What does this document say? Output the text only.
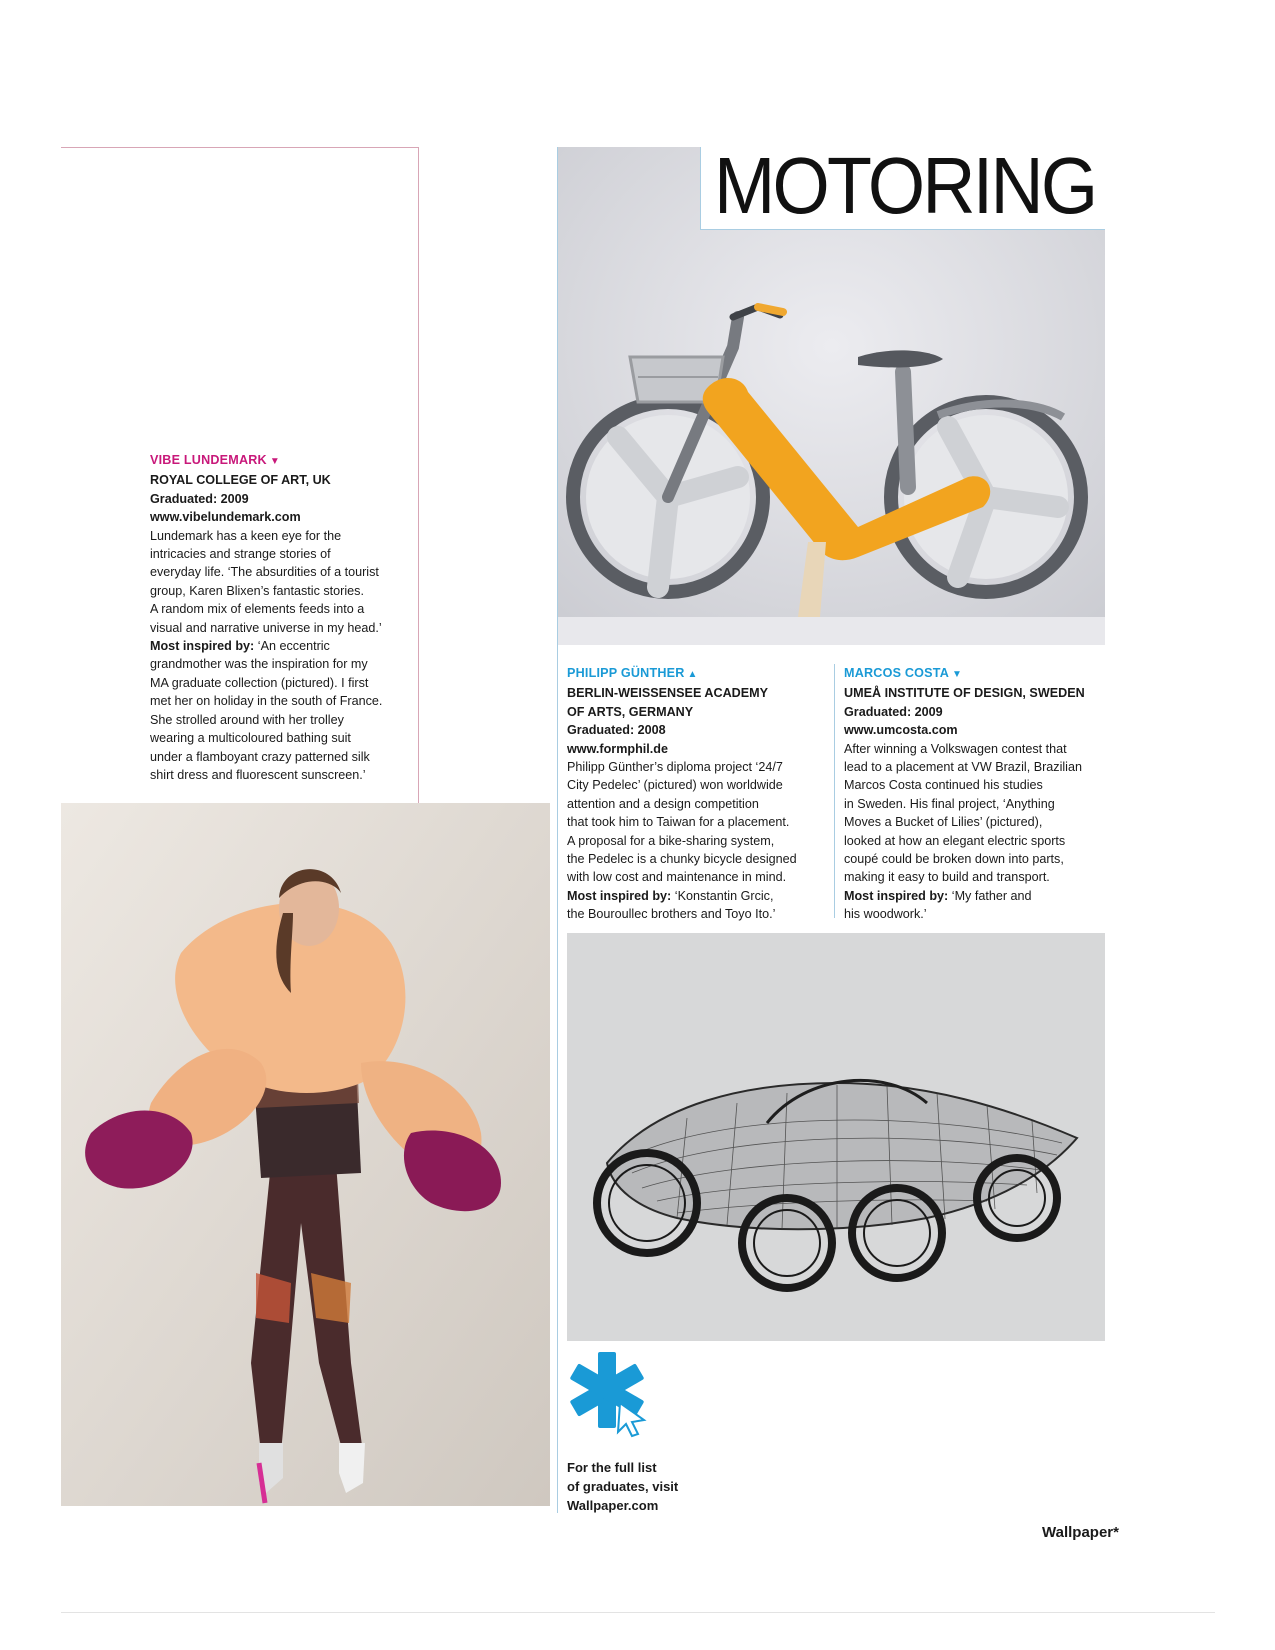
VIBE LUNDEMARK ▼

ROYAL COLLEGE OF ART, UK

Graduated: 2009

www.vibelundemark.com

Lundemark has a keen eye for the

intricacies and strange stories of

everyday life. ‘The absurdities of a tourist

group, Karen Blixen’s fantastic stories.

A random mix of elements feeds into a

visual and narrative universe in my head.’

Most inspired by: ‘An eccentric

grandmother was the inspiration for my

MA graduate collection (pictured). I first

met her on holiday in the south of France.

She strolled around with her trolley

wearing a multicoloured bathing suit

under a flamboyant crazy patterned silk

shirt dress and fluorescent sunscreen.’

MOTORING

PHILIPP GÜNTHER ▲

BERLIN-WEISSENSEE ACADEMY

OF ARTS, GERMANY

Graduated: 2008

www.formphil.de

Philipp Günther’s diploma project ‘24/7

City Pedelec’ (pictured) won worldwide

attention and a design competition

that took him to Taiwan for a placement.

A proposal for a bike-sharing system,

the Pedelec is a chunky bicycle designed

with low cost and maintenance in mind.

Most inspired by: ‘Konstantin Grcic,

the Bouroullec brothers and Toyo Ito.’

MARCOS COSTA ▼

UMEÅ INSTITUTE OF DESIGN, SWEDEN

Graduated: 2009

www.umcosta.com

After winning a Volkswagen contest that

lead to a placement at VW Brazil, Brazilian

Marcos Costa continued his studies

in Sweden. His final project, ‘Anything

Moves a Bucket of Lilies’ (pictured),

looked at how an elegant electric sports

coupé could be broken down into parts,

making it easy to build and transport.

Most inspired by: ‘My father and

his woodwork.’

For the full list

of graduates, visit

Wallpaper.com

Wallpaper*
